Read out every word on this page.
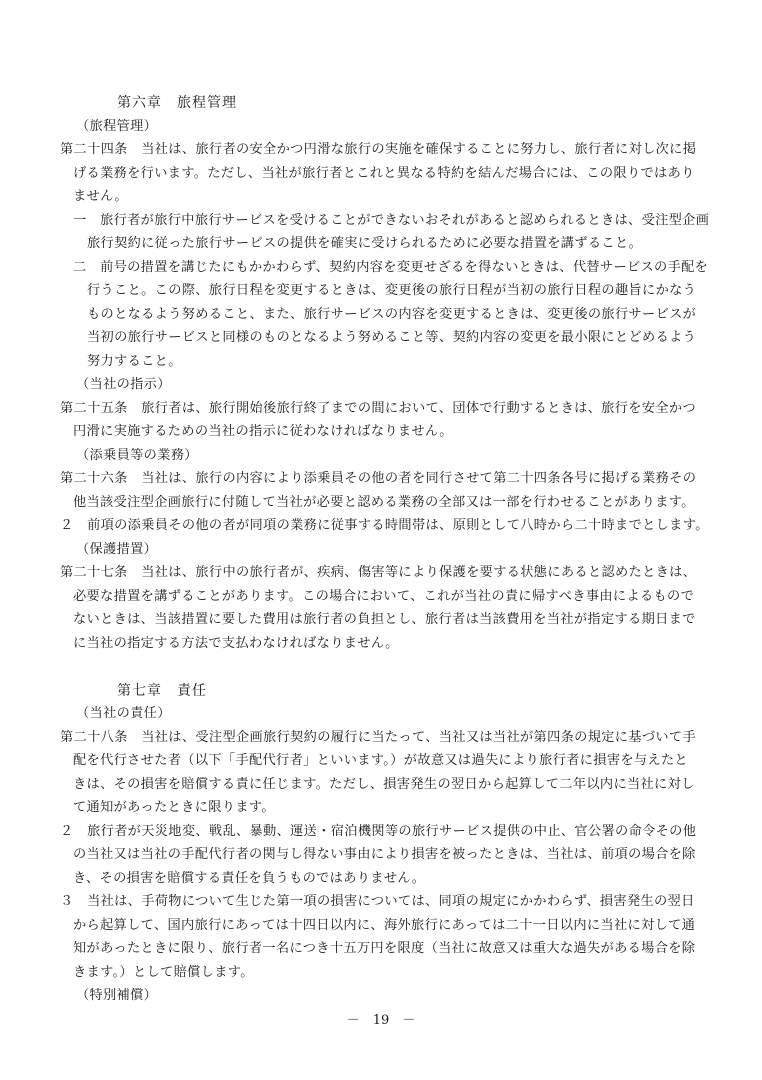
第六章　旅程管理
（旅程管理）
第二十四条　当社は、旅行者の安全かつ円滑な旅行の実施を確保することに努力し、旅行者に対し次に掲
げる業務を行います。ただし、当社が旅行者とこれと異なる特約を結んだ場合には、この限りではあり
ません。
一　旅行者が旅行中旅行サービスを受けることができないおそれがあると認められるときは、受注型企画
旅行契約に従った旅行サービスの提供を確実に受けられるために必要な措置を講ずること。
二　前号の措置を講じたにもかかわらず、契約内容を変更せざるを得ないときは、代替サービスの手配を
行うこと。この際、旅行日程を変更するときは、変更後の旅行日程が当初の旅行日程の趣旨にかなう
ものとなるよう努めること、また、旅行サービスの内容を変更するときは、変更後の旅行サービスが
当初の旅行サービスと同様のものとなるよう努めること等、契約内容の変更を最小限にとどめるよう
努力すること。
（当社の指示）
第二十五条　旅行者は、旅行開始後旅行終了までの間において、団体で行動するときは、旅行を安全かつ
円滑に実施するための当社の指示に従わなければなりません。
（添乗員等の業務）
第二十六条　当社は、旅行の内容により添乗員その他の者を同行させて第二十四条各号に掲げる業務その
他当該受注型企画旅行に付随して当社が必要と認める業務の全部又は一部を行わせることがあります。
２　前項の添乗員その他の者が同項の業務に従事する時間帯は、原則として八時から二十時までとします。
（保護措置）
第二十七条　当社は、旅行中の旅行者が、疾病、傷害等により保護を要する状態にあると認めたときは、
必要な措置を講ずることがあります。この場合において、これが当社の責に帰すべき事由によるもので
ないときは、当該措置に要した費用は旅行者の負担とし、旅行者は当該費用を当社が指定する期日まで
に当社の指定する方法で支払わなければなりません。
第七章　責任
（当社の責任）
第二十八条　当社は、受注型企画旅行契約の履行に当たって、当社又は当社が第四条の規定に基づいて手
配を代行させた者（以下「手配代行者」といいます。）が故意又は過失により旅行者に損害を与えたと
きは、その損害を賠償する責に任じます。ただし、損害発生の翌日から起算して二年以内に当社に対し
て通知があったときに限ります。
２　旅行者が天災地変、戦乱、暴動、運送・宿泊機関等の旅行サービス提供の中止、官公署の命令その他
の当社又は当社の手配代行者の関与し得ない事由により損害を被ったときは、当社は、前項の場合を除
き、その損害を賠償する責任を負うものではありません。
３　当社は、手荷物について生じた第一項の損害については、同項の規定にかかわらず、損害発生の翌日
から起算して、国内旅行にあっては十四日以内に、海外旅行にあっては二十一日以内に当社に対して通
知があったときに限り、旅行者一名につき十五万円を限度（当社に故意又は重大な過失がある場合を除
きます。）として賠償します。
（特別補償）
－　19　－
